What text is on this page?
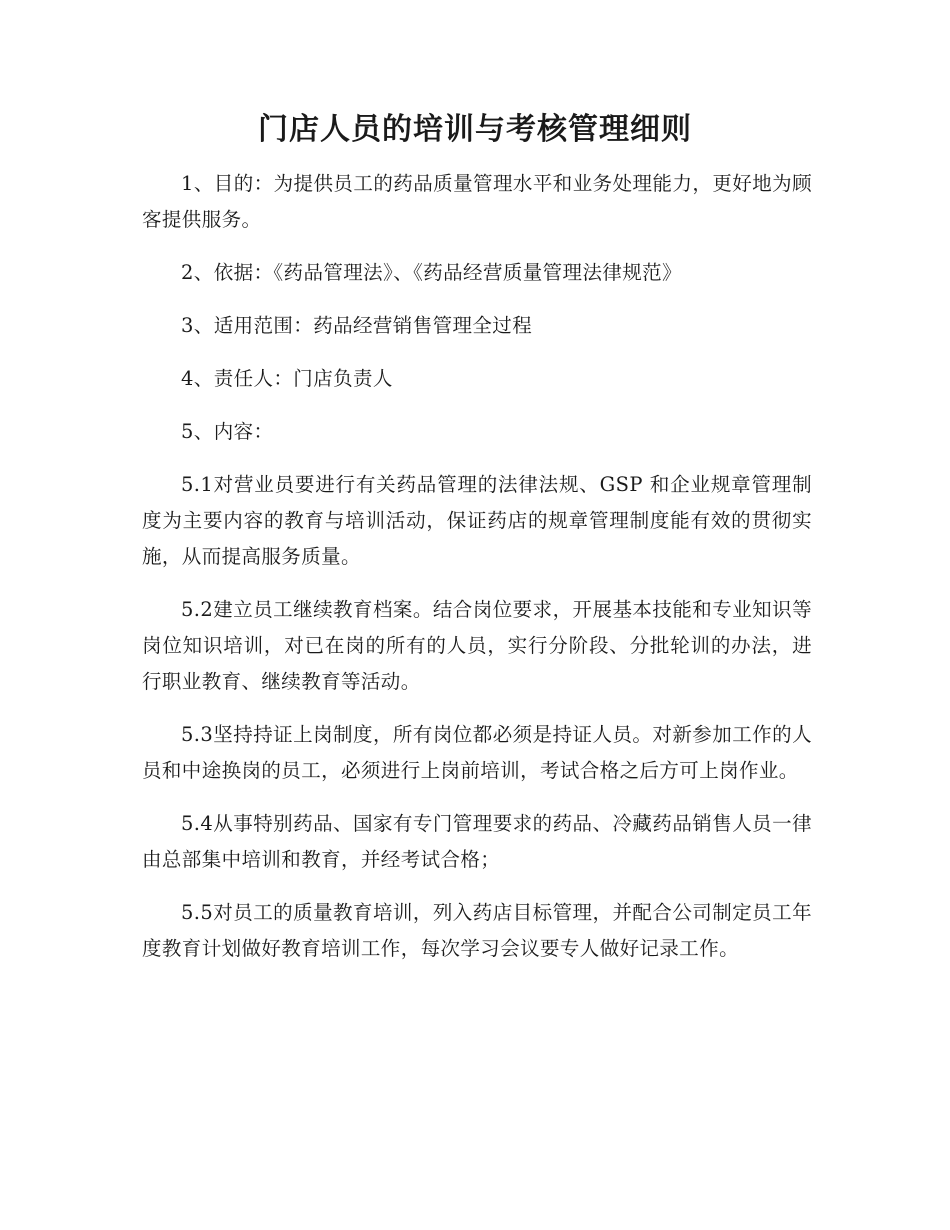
门店人员的培训与考核管理细则

1、目的：为提供员工的药品质量管理水平和业务处理能力，更好地为顾客提供服务。

2、依据：《药品管理法》、《药品经营质量管理法律规范》

3、适用范围：药品经营销售管理全过程

4、责任人：门店负责人

5、内容：

5.1对营业员要进行有关药品管理的法律法规、GSP 和企业规章管理制度为主要内容的教育与培训活动，保证药店的规章管理制度能有效的贯彻实施，从而提高服务质量。

5.2建立员工继续教育档案。结合岗位要求，开展基本技能和专业知识等岗位知识培训，对已在岗的所有的人员，实行分阶段、分批轮训的办法，进行职业教育、继续教育等活动。

5.3坚持持证上岗制度，所有岗位都必须是持证人员。对新参加工作的人员和中途换岗的员工，必须进行上岗前培训，考试合格之后方可上岗作业。

5.4从事特别药品、国家有专门管理要求的药品、冷藏药品销售人员一律由总部集中培训和教育，并经考试合格；

5.5对员工的质量教育培训，列入药店目标管理，并配合公司制定员工年度教育计划做好教育培训工作，每次学习会议要专人做好记录工作。
